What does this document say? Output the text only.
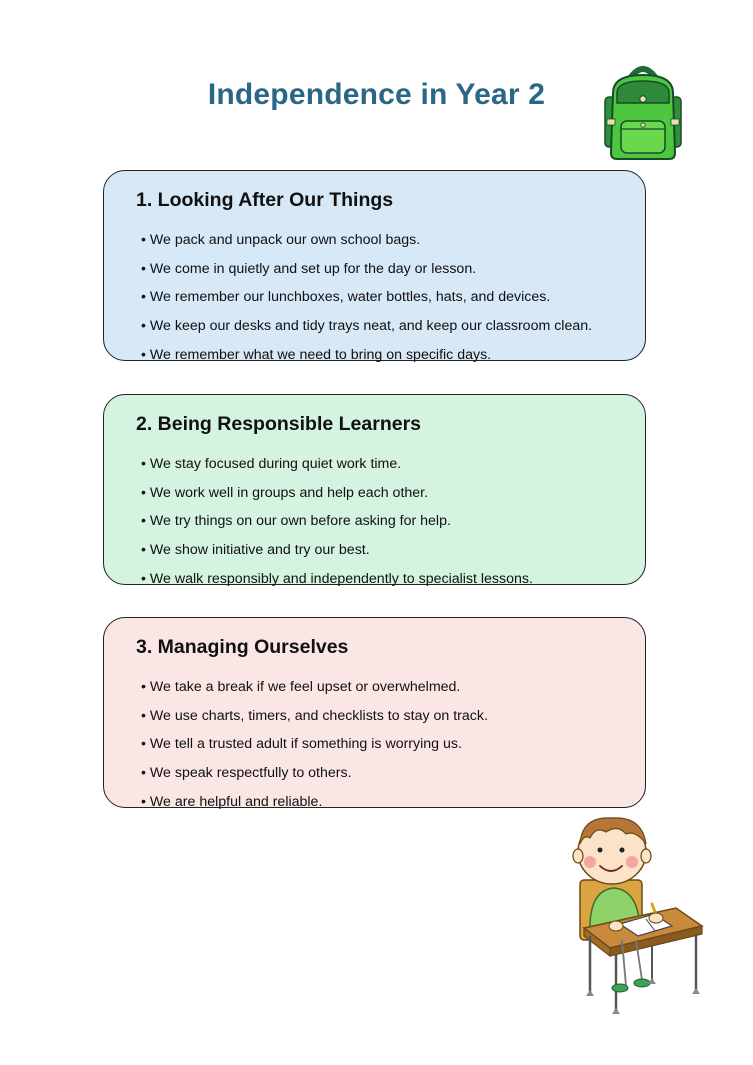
Independence in Year 2
1. Looking After Our Things
• We pack and unpack our own school bags.
• We come in quietly and set up for the day or lesson.
• We remember our lunchboxes, water bottles, hats, and devices.
• We keep our desks and tidy trays neat, and keep our classroom clean.
• We remember what we need to bring on specific days.
2. Being Responsible Learners
• We stay focused during quiet work time.
• We work well in groups and help each other.
• We try things on our own before asking for help.
• We show initiative and try our best.
• We walk responsibly and independently to specialist lessons.
3. Managing Ourselves
• We take a break if we feel upset or overwhelmed.
• We use charts, timers, and checklists to stay on track.
• We tell a trusted adult if something is worrying us.
• We speak respectfully to others.
• We are helpful and reliable.
